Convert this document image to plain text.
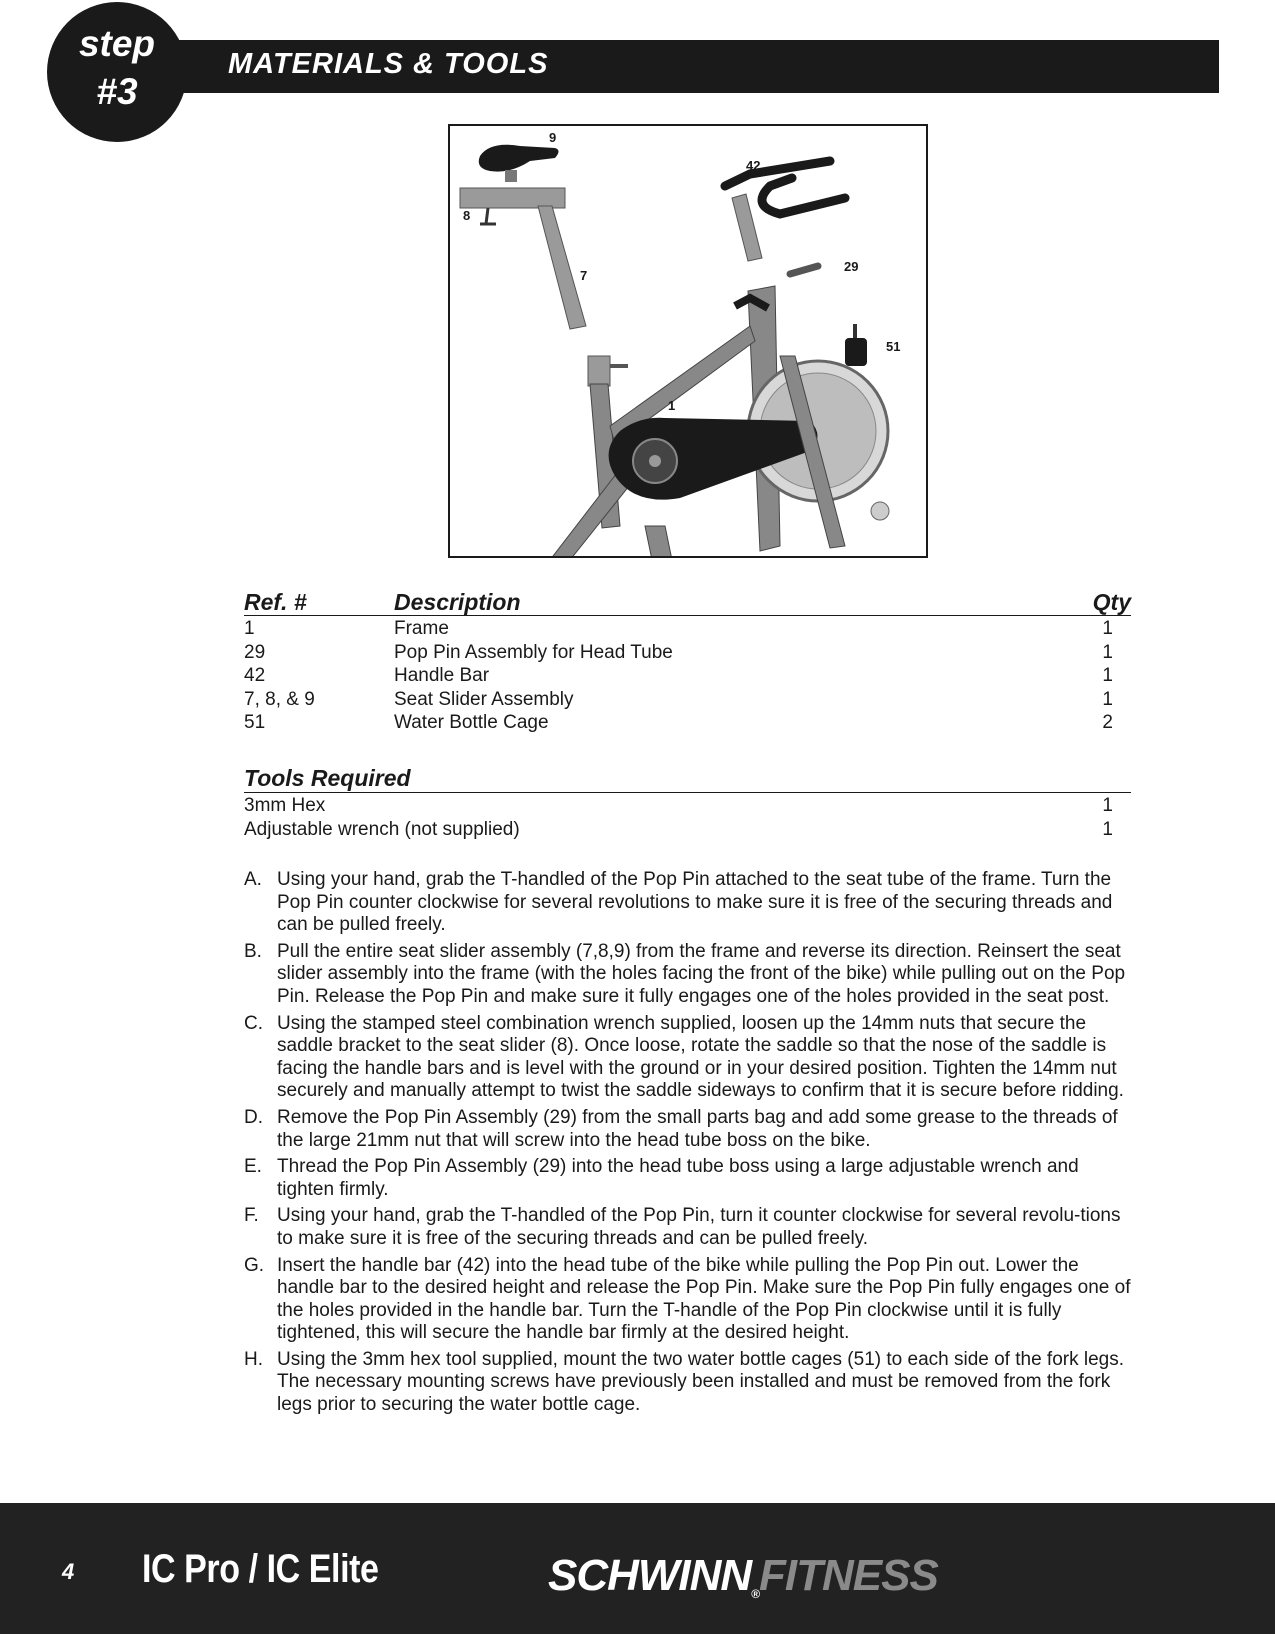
MATERIALS & TOOLS
step
#3
9
42
8
7
29
51
1
Ref. #	Description	Qty
1	Frame	1
29	Pop Pin Assembly for Head Tube	1
42	Handle Bar	1
7, 8, & 9	Seat Slider Assembly	1
51	Water Bottle Cage	2
Tools Required
3mm Hex	1
Adjustable wrench (not supplied)	1
A. Using your hand, grab the T-handled of the Pop Pin attached to the seat tube of the frame. Turn the Pop Pin counter clockwise for several revolutions to make sure it is free of the securing threads and can be pulled freely.
B. Pull the entire seat slider assembly (7,8,9) from the frame and reverse its direction. Reinsert the seat slider assembly into the frame (with the holes facing the front of the bike) while pulling out on the Pop Pin. Release the Pop Pin and make sure it fully engages one of the holes provided in the seat post.
C. Using the stamped steel combination wrench supplied, loosen up the 14mm nuts that secure the saddle bracket to the seat slider (8). Once loose, rotate the saddle so that the nose of the saddle is facing the handle bars and is level with the ground or in your desired position. Tighten the 14mm nut securely and manually attempt to twist the saddle sideways to confirm that it is secure before ridding.
D. Remove the Pop Pin Assembly (29) from the small parts bag and add some grease to the threads of the large 21mm nut that will screw into the head tube boss on the bike.
E. Thread the Pop Pin Assembly (29) into the head tube boss using a large adjustable wrench and tighten firmly.
F. Using your hand, grab the T-handled of the Pop Pin, turn it counter clockwise for several revolu-tions to make sure it is free of the securing threads and can be pulled freely.
G. Insert the handle bar (42) into the head tube of the bike while pulling the Pop Pin out. Lower the handle bar to the desired height and release the Pop Pin. Make sure the Pop Pin fully engages one of the holes provided in the handle bar. Turn the T-handle of the Pop Pin clockwise until it is fully tightened, this will secure the handle bar firmly at the desired height.
H. Using the 3mm hex tool supplied, mount the two water bottle cages (51) to each side of the fork legs. The necessary mounting screws have previously been installed and must be removed from the fork legs prior to securing the water bottle cage.
4 IC Pro / IC Elite	SCHWINN®FITNESS
